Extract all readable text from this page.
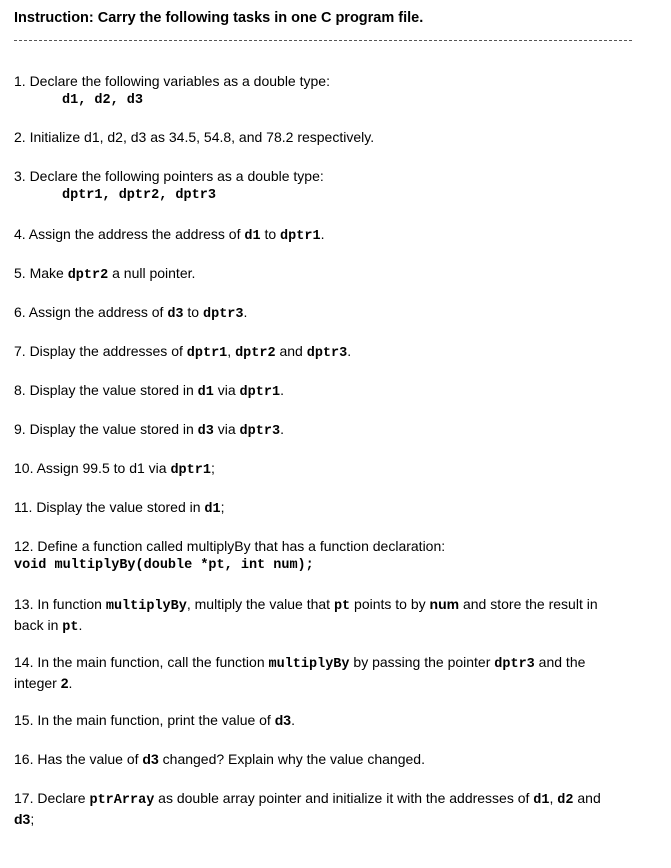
Instruction: Carry the following tasks in one C program file.
1. Declare the following variables as a double type:
d1, d2, d3
2. Initialize d1, d2, d3 as 34.5, 54.8, and 78.2 respectively.
3. Declare the following pointers as a double type:
dptr1, dptr2, dptr3
4. Assign the address the address of d1 to dptr1.
5. Make dptr2 a null pointer.
6. Assign the address of d3 to dptr3.
7. Display the addresses of dptr1, dptr2 and dptr3.
8. Display the value stored in d1 via dptr1.
9. Display the value stored in d3 via dptr3.
10. Assign 99.5 to d1 via dptr1;
11. Display the value stored in d1;
12. Define a function called multiplyBy that has a function declaration:
void multiplyBy(double *pt, int num);
13. In function multiplyBy, multiply the value that pt points to by num and store the result in
back in pt.
14. In the main function, call the function multiplyBy by passing the pointer dptr3 and the
integer 2.
15. In the main function, print the value of d3.
16. Has the value of d3 changed? Explain why the value changed.
17. Declare ptrArray as double array pointer and initialize it with the addresses of d1, d2 and
d3;
